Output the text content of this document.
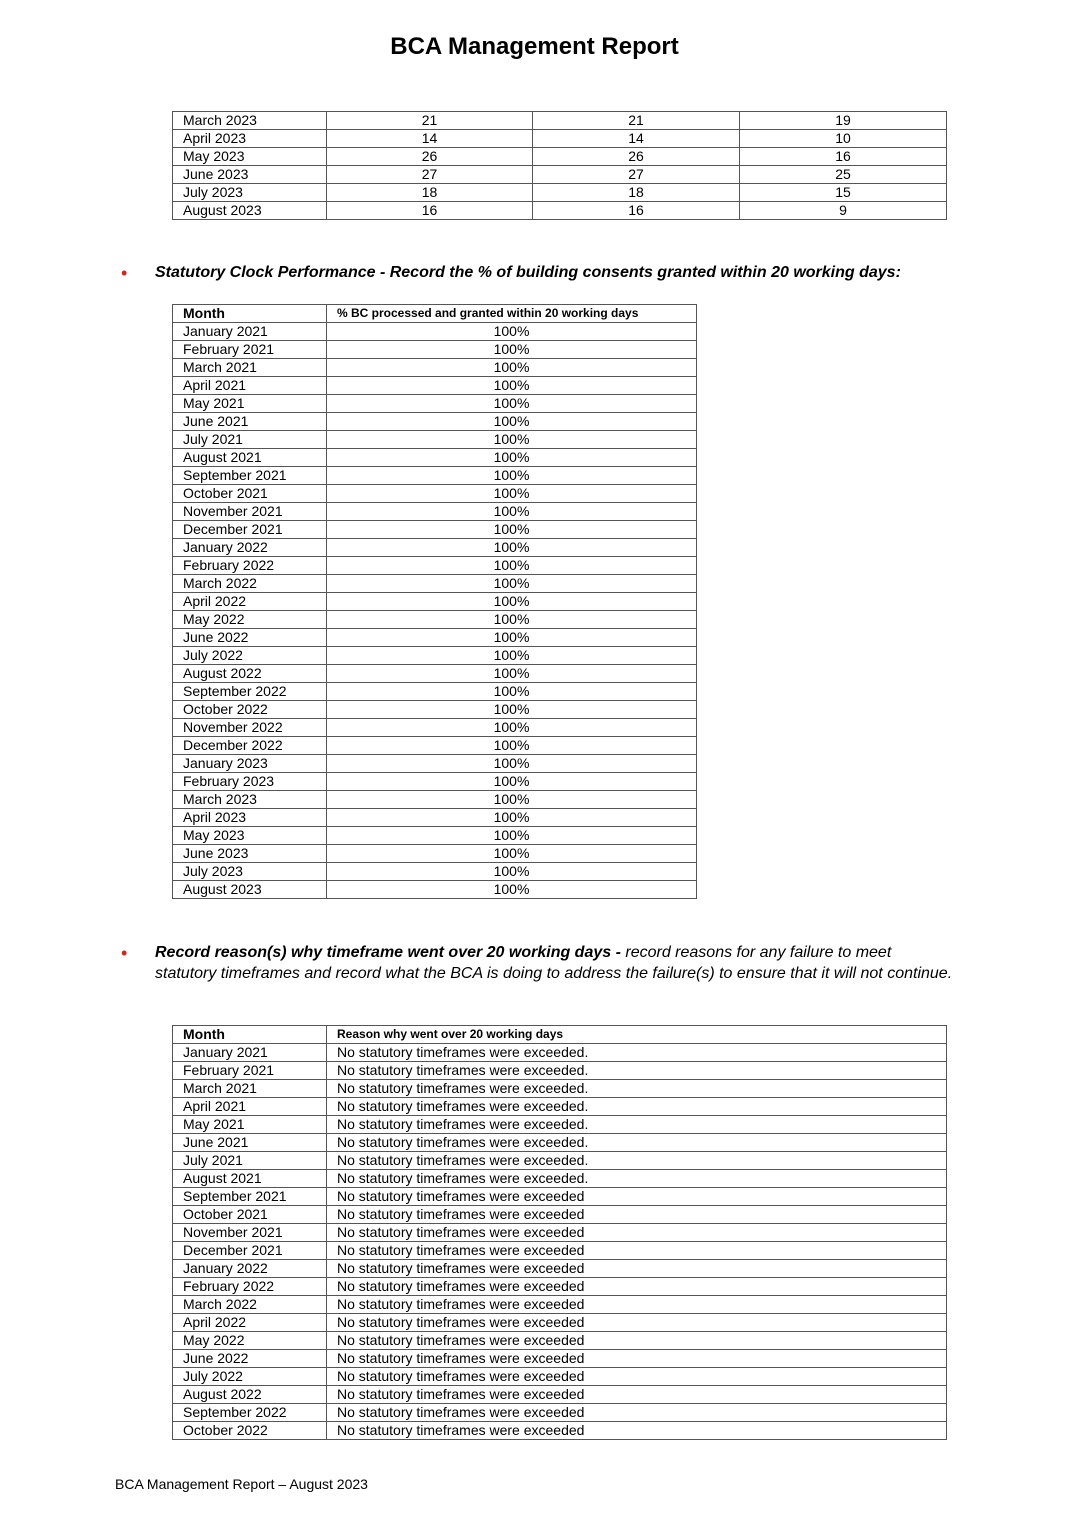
BCA Management Report
March 2023	21	21	19
April 2023	14	14	10
May 2023	26	26	16
June 2023	27	27	25
July 2023	18	18	15
August 2023	16	16	9
• Statutory Clock Performance - Record the % of building consents granted within 20 working days:
Month	% BC processed and granted within 20 working days
January 2021	100%
February 2021	100%
March 2021	100%
April 2021	100%
May 2021	100%
June 2021	100%
July 2021	100%
August 2021	100%
September 2021	100%
October 2021	100%
November 2021	100%
December 2021	100%
January 2022	100%
February 2022	100%
March 2022	100%
April 2022	100%
May 2022	100%
June 2022	100%
July 2022	100%
August 2022	100%
September 2022	100%
October 2022	100%
November 2022	100%
December 2022	100%
January 2023	100%
February 2023	100%
March 2023	100%
April 2023	100%
May 2023	100%
June 2023	100%
July 2023	100%
August 2023	100%
• Record reason(s) why timeframe went over 20 working days - record reasons for any failure to meet statutory timeframes and record what the BCA is doing to address the failure(s) to ensure that it will not continue.
Month	Reason why went over 20 working days
January 2021	No statutory timeframes were exceeded.
February 2021	No statutory timeframes were exceeded.
March 2021	No statutory timeframes were exceeded.
April 2021	No statutory timeframes were exceeded.
May 2021	No statutory timeframes were exceeded.
June 2021	No statutory timeframes were exceeded.
July 2021	No statutory timeframes were exceeded.
August 2021	No statutory timeframes were exceeded.
September 2021	No statutory timeframes were exceeded
October 2021	No statutory timeframes were exceeded
November 2021	No statutory timeframes were exceeded
December 2021	No statutory timeframes were exceeded
January 2022	No statutory timeframes were exceeded
February 2022	No statutory timeframes were exceeded
March 2022	No statutory timeframes were exceeded
April 2022	No statutory timeframes were exceeded
May 2022	No statutory timeframes were exceeded
June 2022	No statutory timeframes were exceeded
July 2022	No statutory timeframes were exceeded
August 2022	No statutory timeframes were exceeded
September 2022	No statutory timeframes were exceeded
October 2022	No statutory timeframes were exceeded
BCA Management Report – August 2023
